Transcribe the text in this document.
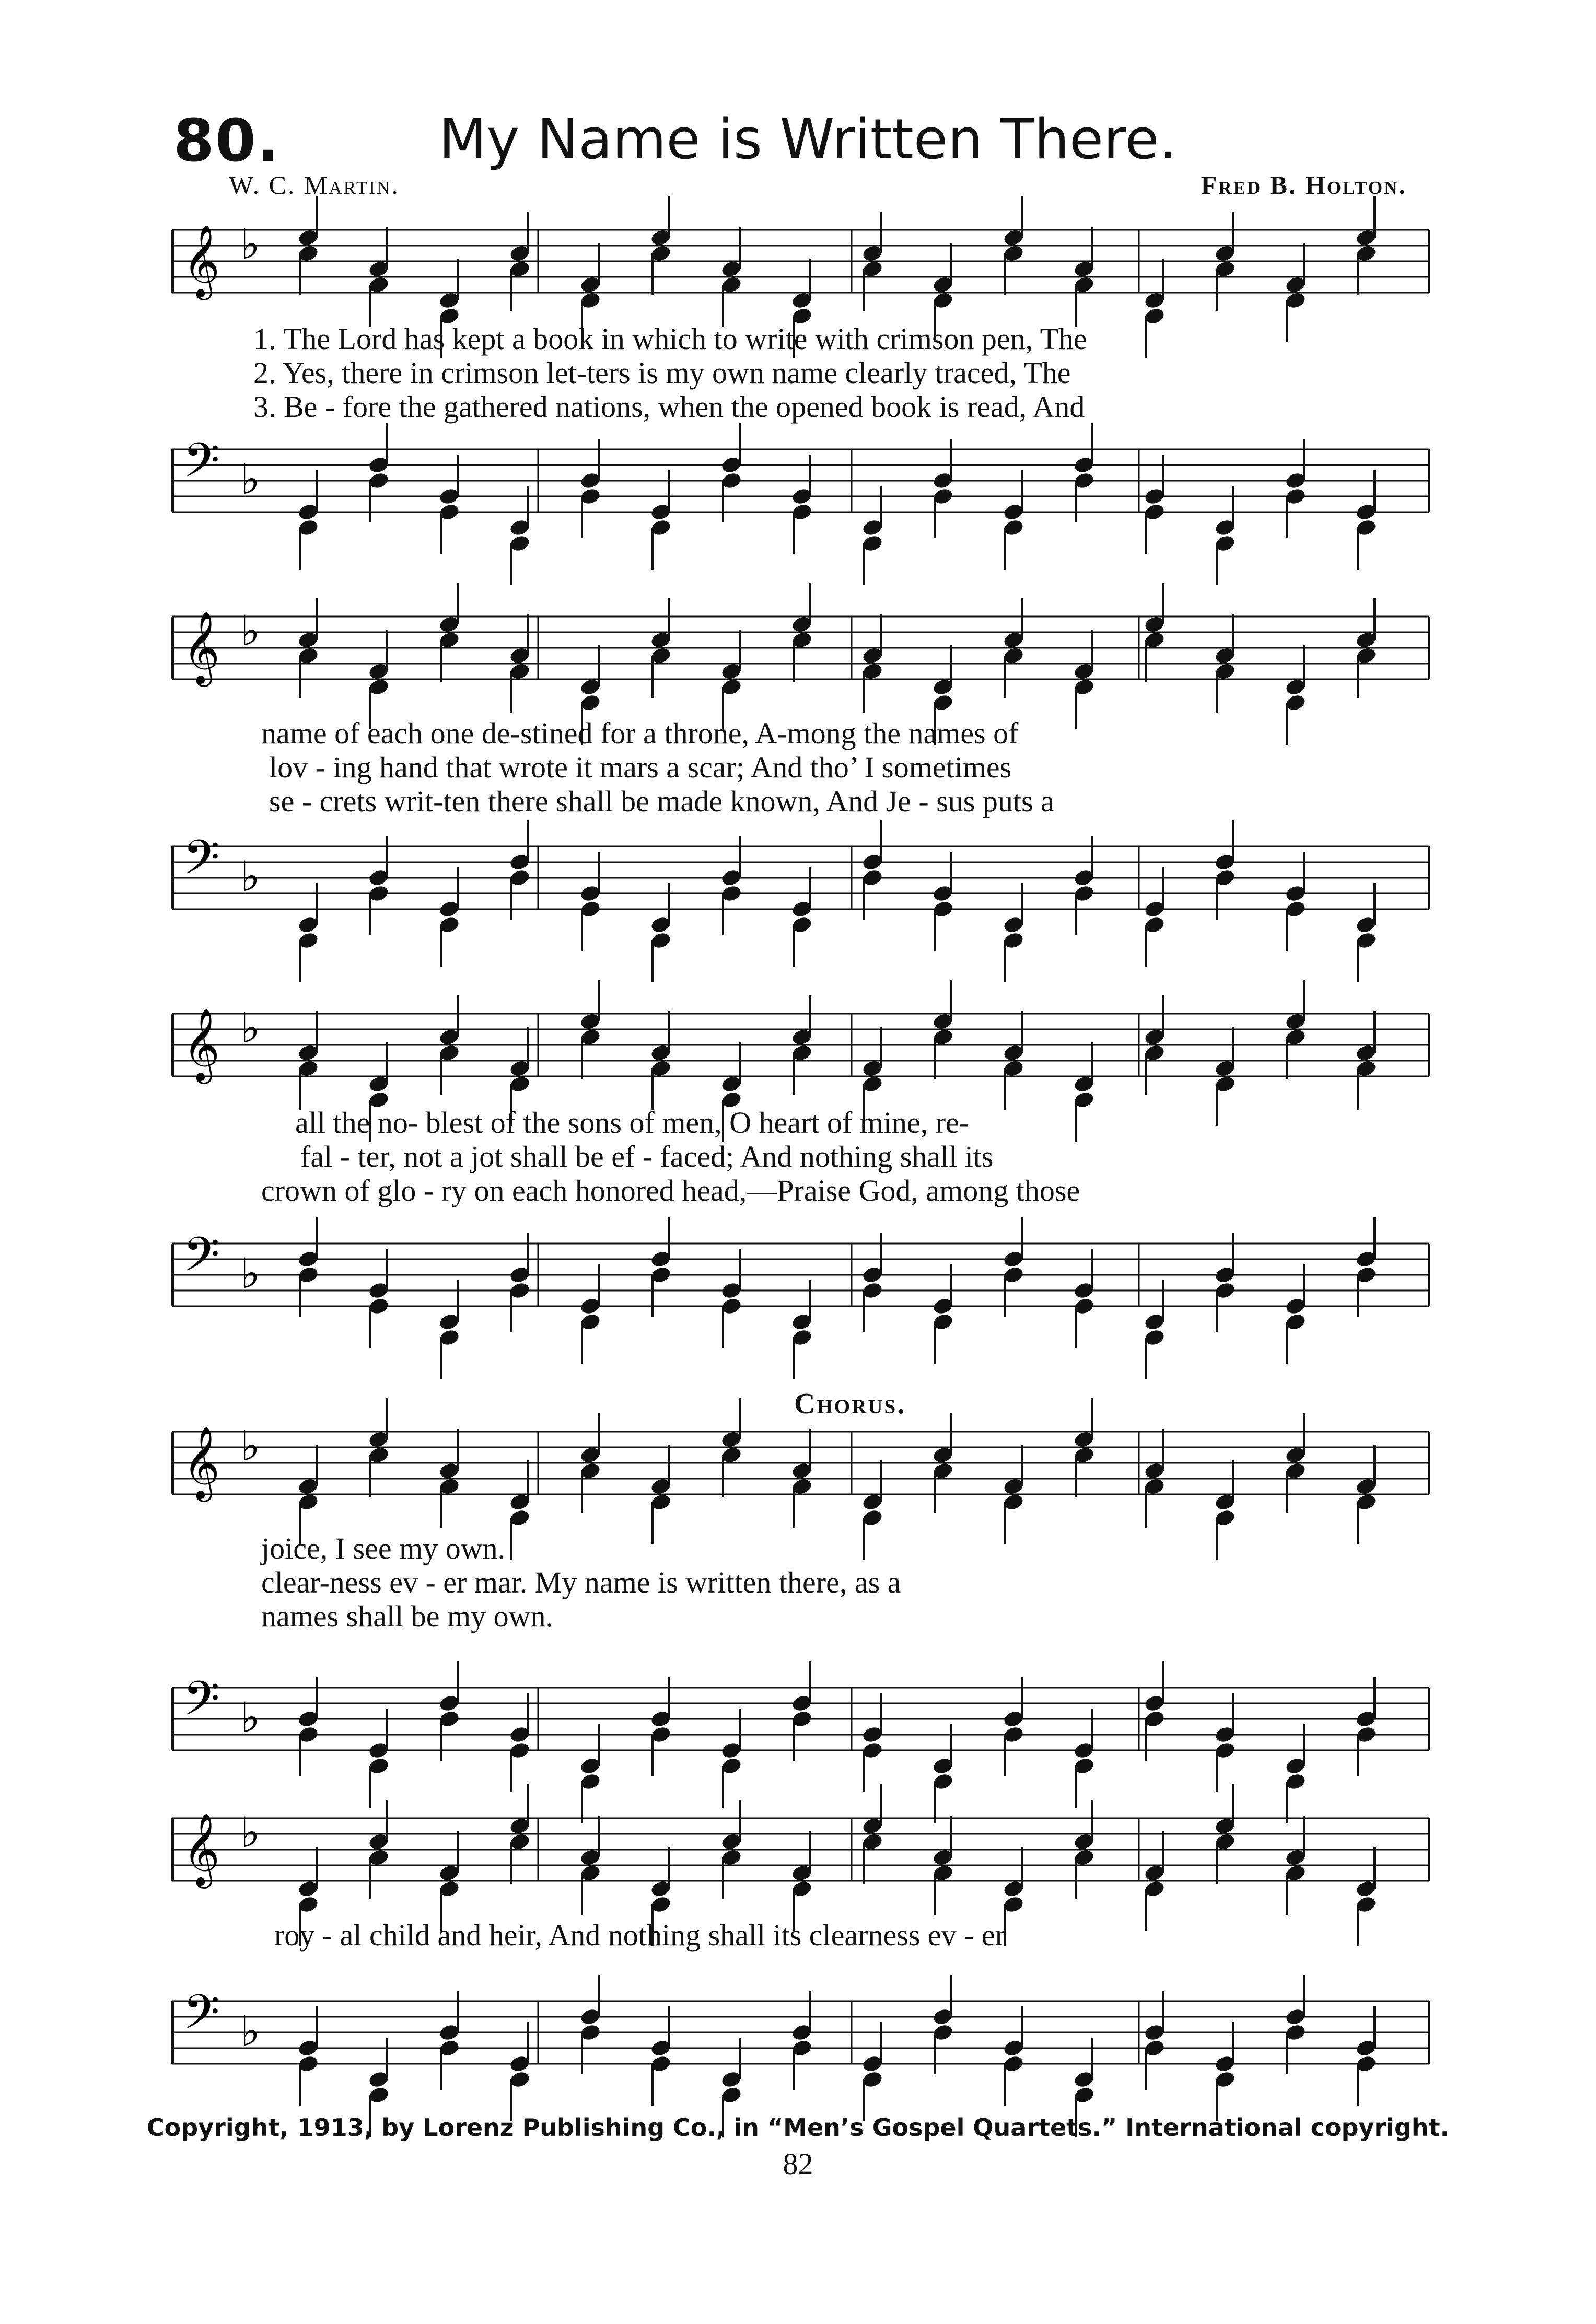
80.	My Name is Written There.
W. C. Martin.	Fred B. Holton.
𝄞 ♭
1. The Lord has kept a book in which to write with crimson pen, The
2. Yes, there in crimson let-ters is my own name clearly traced, The
3. Be - fore the gathered nations, when the opened book is read, And
𝄢 ♭
𝄞 ♭
name of each one de-stined for a throne, A-mong the names of
lov - ing hand that wrote it mars a scar; And tho’ I sometimes
se - crets writ-ten there shall be made known, And Je - sus puts a
𝄢 ♭
𝄞 ♭
all the no- blest of the sons of men, O heart of mine, re-
fal - ter, not a jot shall be ef - faced; And nothing shall its
crown of glo - ry on each honored head,—Praise God, among those
𝄢 ♭
Chorus.
𝄞 ♭
joice, I see my own.
clear-ness ev - er mar. My name is written there, as a
names shall be my own.
𝄢 ♭
𝄞 ♭
roy - al child and heir, And nothing shall its clearness ev - er
𝄢 ♭
Copyright, 1913, by Lorenz Publishing Co., in “Men’s Gospel Quartets.” International copyright.
82
